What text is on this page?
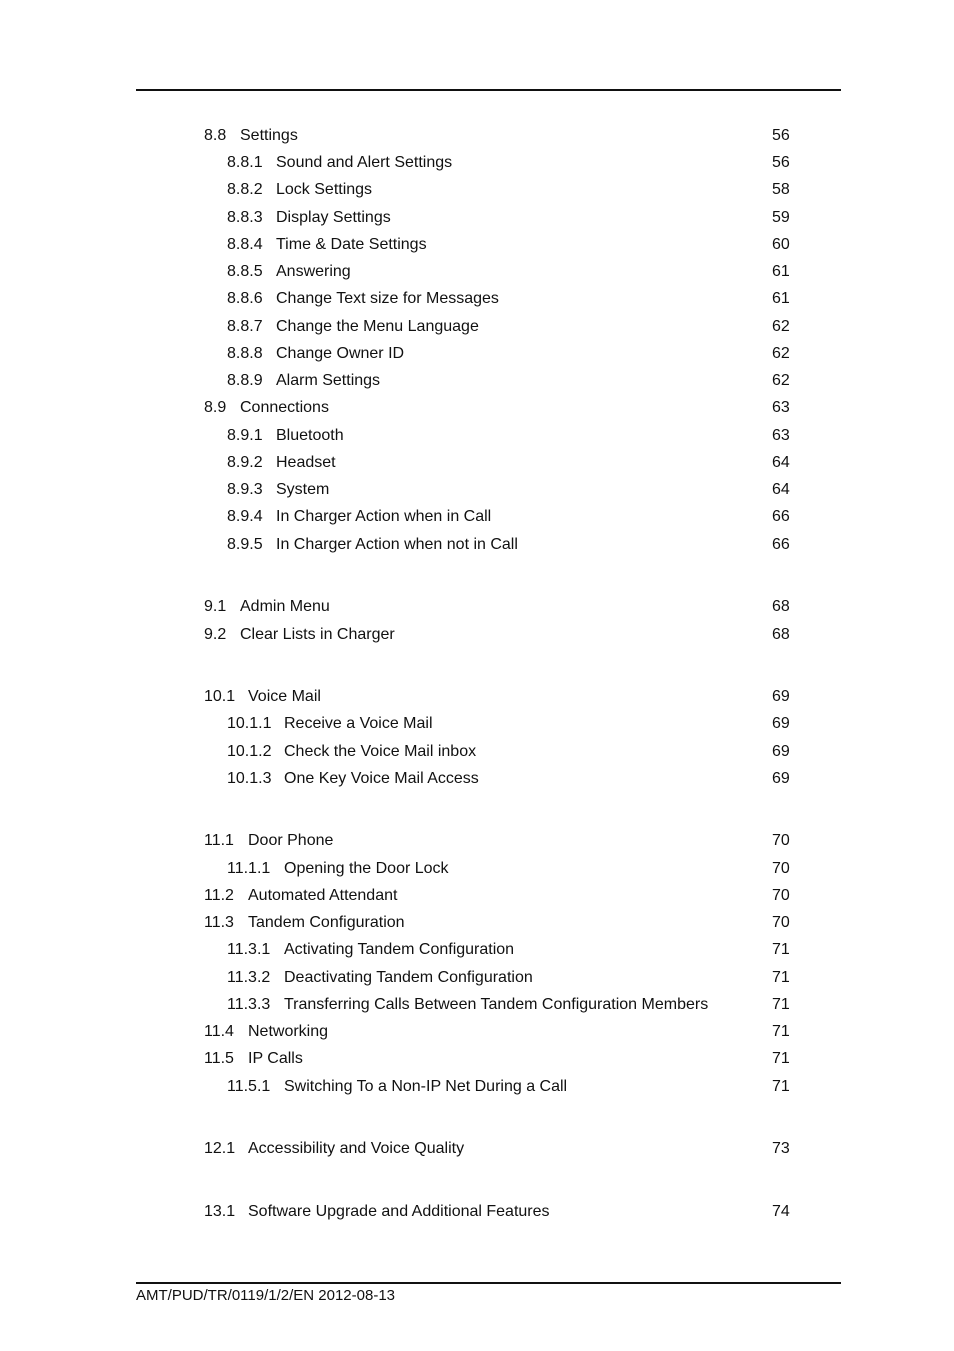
8.8 Settings	56
8.8.1 Sound and Alert Settings	56
8.8.2 Lock Settings	58
8.8.3 Display Settings	59
8.8.4 Time & Date Settings	60
8.8.5 Answering	61
8.8.6 Change Text size for Messages	61
8.8.7 Change the Menu Language	62
8.8.8 Change Owner ID	62
8.8.9 Alarm Settings	62
8.9 Connections	63
8.9.1 Bluetooth	63
8.9.2 Headset	64
8.9.3 System	64
8.9.4 In Charger Action when in Call	66
8.9.5 In Charger Action when not in Call	66
9.1 Admin Menu	68
9.2 Clear Lists in Charger	68
10.1 Voice Mail	69
10.1.1 Receive a Voice Mail	69
10.1.2 Check the Voice Mail inbox	69
10.1.3 One Key Voice Mail Access	69
11.1 Door Phone	70
11.1.1 Opening the Door Lock	70
11.2 Automated Attendant	70
11.3 Tandem Configuration	70
11.3.1 Activating Tandem Configuration	71
11.3.2 Deactivating Tandem Configuration	71
11.3.3 Transferring Calls Between Tandem Configuration Members	71
11.4 Networking	71
11.5 IP Calls	71
11.5.1 Switching To a Non-IP Net During a Call	71
12.1 Accessibility and Voice Quality	73
13.1 Software Upgrade and Additional Features	74
AMT/PUD/TR/0119/1/2/EN 2012-08-13
